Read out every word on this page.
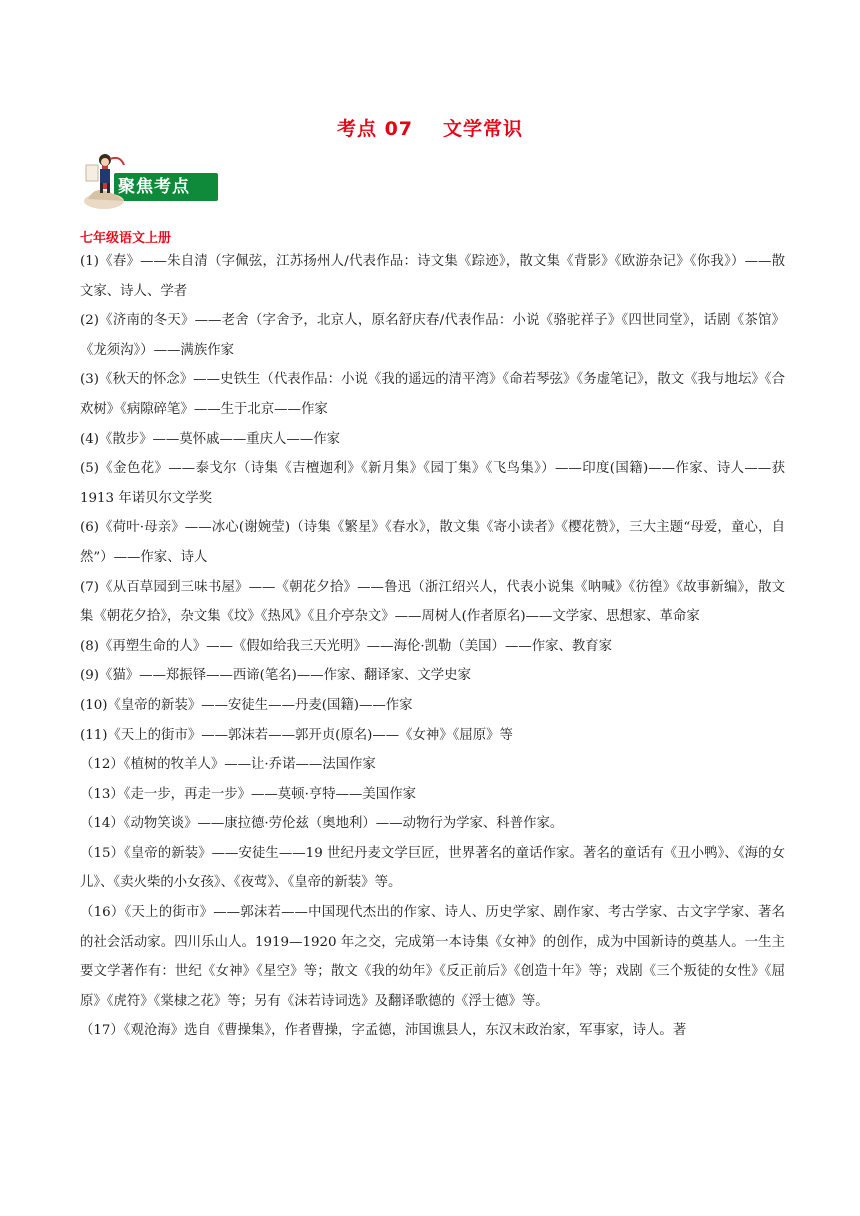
考点 07 文学常识
聚焦考点
七年级语文上册

(1)《春》——朱自清（字佩弦，江苏扬州人/代表作品：诗文集《踪迹》，散文集《背影》《欧游杂记》《你我》）——散文家、诗人、学者

(2)《济南的冬天》——老舍（字舍予，北京人，原名舒庆春/代表作品：小说《骆驼祥子》《四世同堂》，话剧《茶馆》《龙须沟》）——满族作家

(3)《秋天的怀念》——史铁生（代表作品：小说《我的遥远的清平湾》《命若琴弦》《务虚笔记》，散文《我与地坛》《合欢树》《病隙碎笔》——生于北京——作家

(4)《散步》——莫怀戚——重庆人——作家

(5)《金色花》——泰戈尔（诗集《吉檀迦利》《新月集》《园丁集》《飞鸟集》）——印度(国籍)——作家、诗人——获 1913 年诺贝尔文学奖

(6)《荷叶·母亲》——冰心(谢婉莹)（诗集《繁星》《春水》，散文集《寄小读者》《樱花赞》，三大主题“母爱，童心，自然”）——作家、诗人

(7)《从百草园到三味书屋》——《朝花夕拾》——鲁迅（浙江绍兴人，代表小说集《呐喊》《彷徨》《故事新编》，散文集《朝花夕拾》，杂文集《坟》《热风》《且介亭杂文》——周树人(作者原名)——文学家、思想家、革命家

(8)《再塑生命的人》——《假如给我三天光明》——海伦·凯勒（美国）——作家、教育家

(9)《猫》——郑振铎——西谛(笔名)——作家、翻译家、文学史家

(10)《皇帝的新装》——安徒生——丹麦(国籍)——作家

(11)《天上的街市》——郭沫若——郭开贞(原名)——《女神》《屈原》等

（12）《植树的牧羊人》——让·乔诺——法国作家

（13）《走一步，再走一步》——莫顿·亨特——美国作家

（14）《动物笑谈》——康拉德·劳伦兹（奥地利）——动物行为学家、科普作家。

（15）《皇帝的新装》——安徒生——19 世纪丹麦文学巨匠，世界著名的童话作家。著名的童话有《丑小鸭》、《海的女儿》、《卖火柴的小女孩》、《夜莺》、《皇帝的新装》等。

（16）《天上的街市》——郭沫若——中国现代杰出的作家、诗人、历史学家、剧作家、考古学家、古文字学家、著名的社会活动家。四川乐山人。1919—1920 年之交，完成第一本诗集《女神》的创作，成为中国新诗的奠基人。一生主要文学著作有：世纪《女神》《星空》等；散文《我的幼年》《反正前后》《创造十年》等；戏剧《三个叛徒的女性》《屈原》《虎符》《棠棣之花》等；另有《沫若诗词选》及翻译歌德的《浮士德》等。

（17）《观沧海》选自《曹操集》，作者曹操，字孟德，沛国谯县人，东汉末政治家，军事家，诗人。著
